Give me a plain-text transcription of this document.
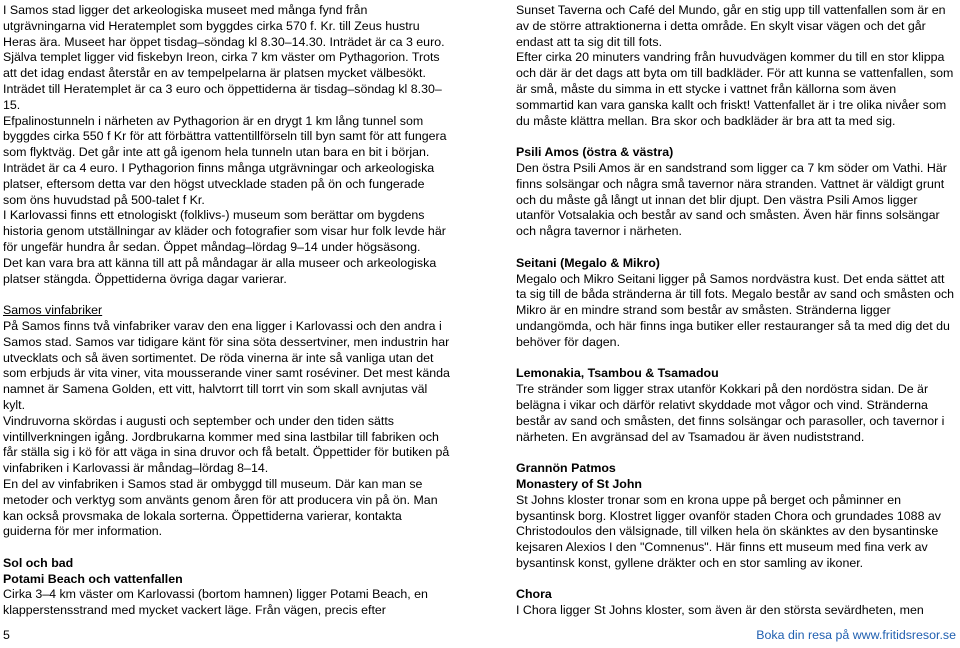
I Samos stad ligger det arkeologiska museet med många fynd från utgrävningarna vid Heratemplet som byggdes cirka 570 f. Kr. till Zeus hustru Heras ära. Museet har öppet tisdag–söndag kl 8.30–14.30. Inträdet är ca 3 euro. Själva templet ligger vid fiskebyn Ireon, cirka 7 km väster om Pythagorion. Trots att det idag endast återstår en av tempelpelarna är platsen mycket välbesökt. Inträdet till Heratemplet är ca 3 euro och öppettiderna är tisdag–söndag kl 8.30–15.

Efpalinostunneln i närheten av Pythagorion är en drygt 1 km lång tunnel som byggdes cirka 550 f Kr för att förbättra vattentillförseln till byn samt för att fungera som flyktväg. Det går inte att gå igenom hela tunneln utan bara en bit i början. Inträdet är ca 4 euro. I Pythagorion finns många utgrävningar och arkeologiska platser, eftersom detta var den högst utvecklade staden på ön och fungerade som öns huvudstad på 500-talet f Kr.

I Karlovassi finns ett etnologiskt (folklivs-) museum som berättar om bygdens historia genom utställningar av kläder och fotografier som visar hur folk levde här för ungefär hundra år sedan. Öppet måndag–lördag 9–14 under högsäsong.

Det kan vara bra att känna till att på måndagar är alla museer och arkeologiska platser stängda. Öppettiderna övriga dagar varierar.

Samos vinfabriker

På Samos finns två vinfabriker varav den ena ligger i Karlovassi och den andra i Samos stad. Samos var tidigare känt för sina söta dessertviner, men industrin har utvecklats och så även sortimentet. De röda vinerna är inte så vanliga utan det som erbjuds är vita viner, vita mousserande viner samt roséviner. Det mest kända namnet är Samena Golden, ett vitt, halvtorrt till torrt vin som skall avnjutas väl kylt.

Vindruvorna skördas i augusti och september och under den tiden sätts vintillverkningen igång. Jordbrukarna kommer med sina lastbilar till fabriken och får ställa sig i kö för att väga in sina druvor och få betalt. Öppettider för butiken på vinfabriken i Karlovassi är måndag–lördag 8–14.

En del av vinfabriken i Samos stad är ombyggd till museum. Där kan man se metoder och verktyg som använts genom åren för att producera vin på ön. Man kan också provsmaka de lokala sorterna. Öppettiderna varierar, kontakta guiderna för mer information.

Sol och bad

Potami Beach och vattenfallen

Cirka 3–4 km väster om Karlovassi (bortom hamnen) ligger Potami Beach, en klapperstensstrand med mycket vackert läge. Från vägen, precis efter

Sunset Taverna och Café del Mundo, går en stig upp till vattenfallen som är en av de större attraktionerna i detta område. En skylt visar vägen och det går endast att ta sig dit till fots.

Efter cirka 20 minuters vandring från huvudvägen kommer du till en stor klippa och där är det dags att byta om till badkläder. För att kunna se vattenfallen, som är små, måste du simma in ett stycke i vattnet från källorna som även sommartid kan vara ganska kallt och friskt! Vattenfallet är i tre olika nivåer som du måste klättra mellan. Bra skor och badkläder är bra att ta med sig.

Psili Amos (östra & västra)

Den östra Psili Amos är en sandstrand som ligger ca 7 km söder om Vathi. Här finns solsängar och några små tavernor nära stranden. Vattnet är väldigt grunt och du måste gå långt ut innan det blir djupt. Den västra Psili Amos ligger utanför Votsalakia och består av sand och småsten. Även här finns solsängar och några tavernor i närheten.

Seitani (Megalo & Mikro)

Megalo och Mikro Seitani ligger på Samos nordvästra kust. Det enda sättet att ta sig till de båda stränderna är till fots. Megalo består av sand och småsten och Mikro är en mindre strand som består av småsten. Stränderna ligger undangömda, och här finns inga butiker eller restauranger så ta med dig det du behöver för dagen.

Lemonakia, Tsambou & Tsamadou

Tre stränder som ligger strax utanför Kokkari på den nordöstra sidan. De är belägna i vikar och därför relativt skyddade mot vågor och vind. Stränderna består av sand och småsten, det finns solsängar och parasoller, och tavernor i närheten. En avgränsad del av Tsamadou är även nudiststrand.

Grannön Patmos

Monastery of St John

St Johns kloster tronar som en krona uppe på berget och påminner en bysantinsk borg. Klostret ligger ovanför staden Chora och grundades 1088 av Christodoulos den välsignade, till vilken hela ön skänktes av den bysantinske kejsaren Alexios I den "Comnenus". Här finns ett museum med fina verk av bysantinsk konst, gyllene dräkter och en stor samling av ikoner.

Chora

I Chora ligger St Johns kloster, som även är den största sevärdheten, men

5	Boka din resa på www.fritidsresor.se
